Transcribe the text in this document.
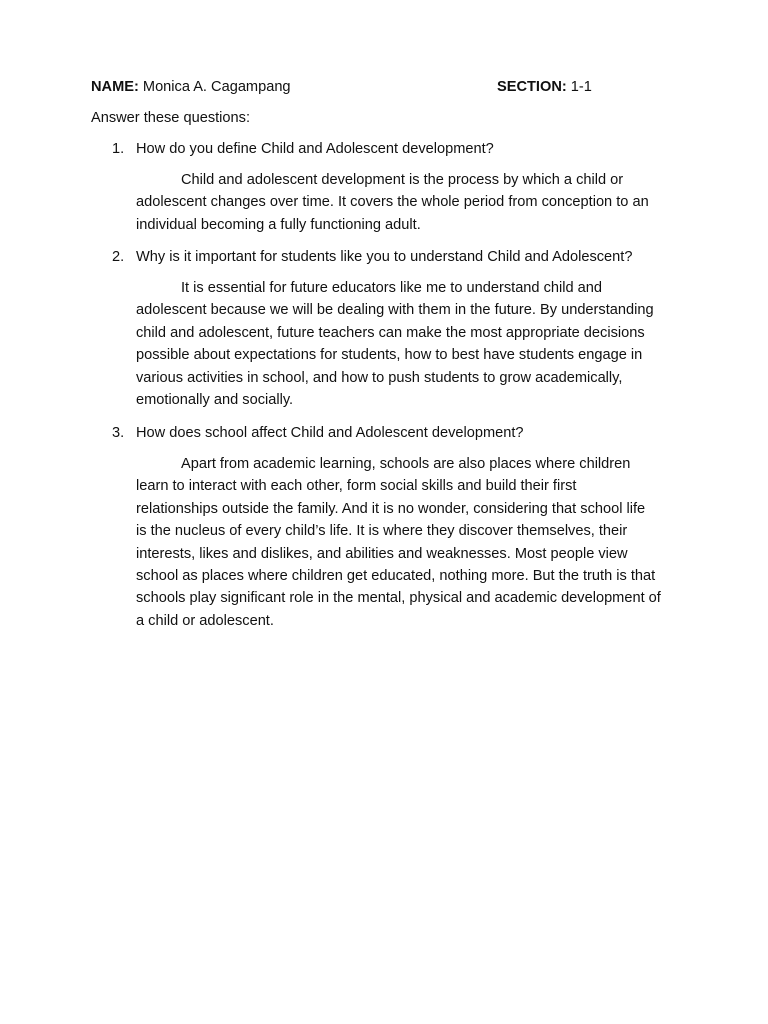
NAME: Monica A. Cagampang	SECTION: 1-1
Answer these questions:
1. How do you define Child and Adolescent development?
Child and adolescent development is the process by which a child or
adolescent changes over time. It covers the whole period from conception to an
individual becoming a fully functioning adult.
2. Why is it important for students like you to understand Child and Adolescent?
It is essential for future educators like me to understand child and
adolescent because we will be dealing with them in the future. By understanding
child and adolescent, future teachers can make the most appropriate decisions
possible about expectations for students, how to best have students engage in
various activities in school, and how to push students to grow academically,
emotionally and socially.
3. How does school affect Child and Adolescent development?
Apart from academic learning, schools are also places where children
learn to interact with each other, form social skills and build their first
relationships outside the family. And it is no wonder, considering that school life
is the nucleus of every child’s life. It is where they discover themselves, their
interests, likes and dislikes, and abilities and weaknesses. Most people view
school as places where children get educated, nothing more. But the truth is that
schools play significant role in the mental, physical and academic development of
a child or adolescent.
